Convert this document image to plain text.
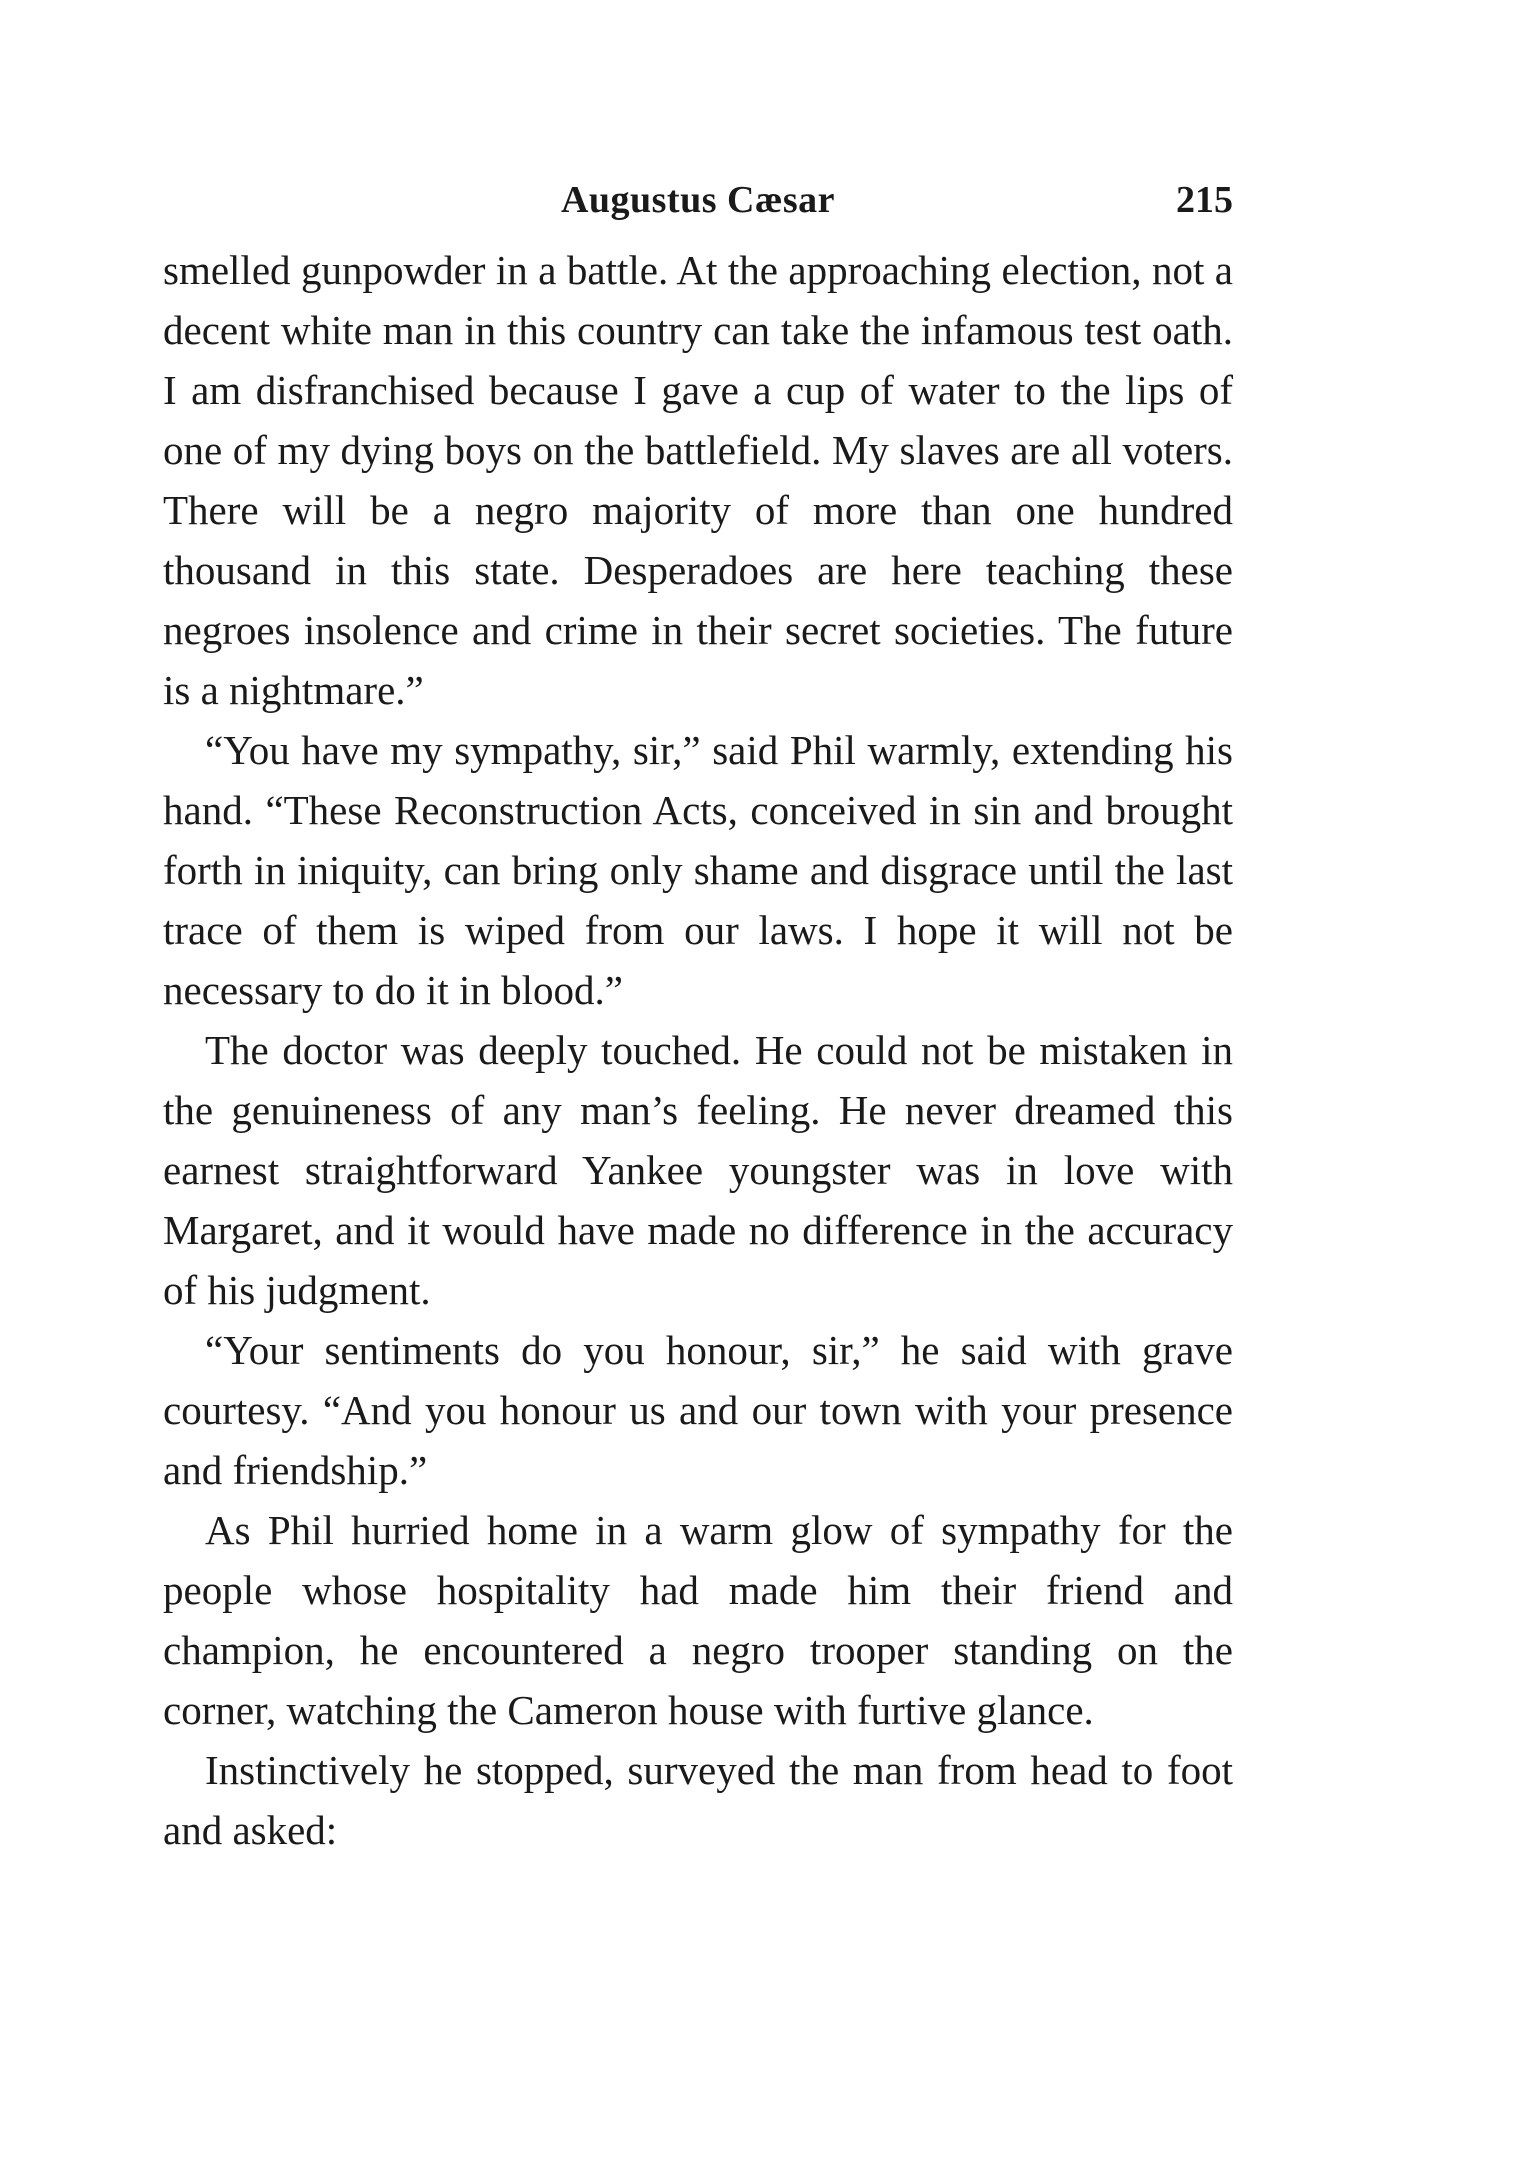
Augustus Cæsar	215

smelled gunpowder in a battle. At the approaching election, not a decent white man in this country can take the infamous test oath. I am disfranchised because I gave a cup of water to the lips of one of my dying boys on the battlefield. My slaves are all voters. There will be a negro majority of more than one hundred thousand in this state. Desperadoes are here teaching these negroes insolence and crime in their secret societies. The future is a nightmare.”

“You have my sympathy, sir,” said Phil warmly, extending his hand. “These Reconstruction Acts, conceived in sin and brought forth in iniquity, can bring only shame and disgrace until the last trace of them is wiped from our laws. I hope it will not be necessary to do it in blood.”

The doctor was deeply touched. He could not be mistaken in the genuineness of any man’s feeling. He never dreamed this earnest straightforward Yankee youngster was in love with Margaret, and it would have made no difference in the accuracy of his judgment.

“Your sentiments do you honour, sir,” he said with grave courtesy. “And you honour us and our town with your presence and friendship.”

As Phil hurried home in a warm glow of sympathy for the people whose hospitality had made him their friend and champion, he encountered a negro trooper standing on the corner, watching the Cameron house with furtive glance.

Instinctively he stopped, surveyed the man from head to foot and asked:
